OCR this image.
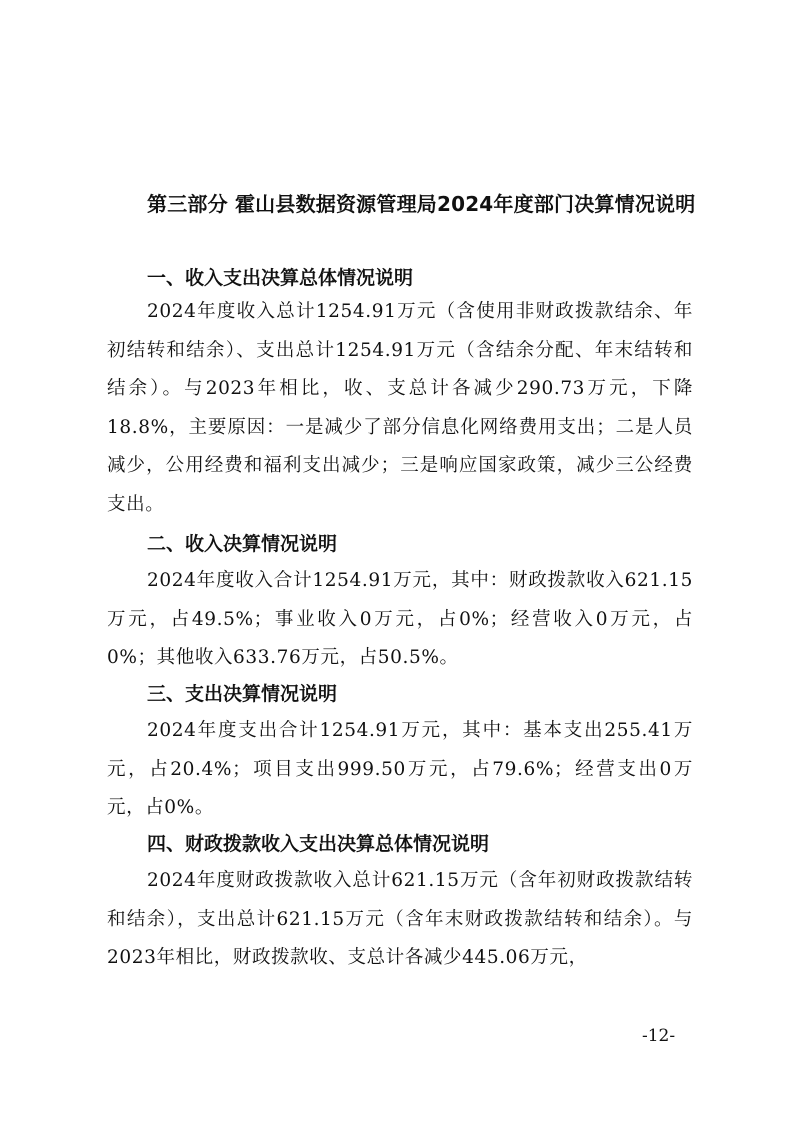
第三部分 霍山县数据资源管理局2024年度部门决算情况说明
一、收入支出决算总体情况说明
2024年度收入总计1254.91万元（含使用非财政拨款结余、年初结转和结余）、支出总计1254.91万元（含结余分配、年末结转和结余）。与2023年相比，收、支总计各减少290.73万元，下降18.8%，主要原因：一是减少了部分信息化网络费用支出；二是人员减少，公用经费和福利支出减少；三是响应国家政策，减少三公经费支出。
二、收入决算情况说明
2024年度收入合计1254.91万元，其中：财政拨款收入621.15万元，占49.5%；事业收入0万元，占0%；经营收入0万元，占0%；其他收入633.76万元，占50.5%。
三、支出决算情况说明
2024年度支出合计1254.91万元，其中：基本支出255.41万元，占20.4%；项目支出999.50万元，占79.6%；经营支出0万元，占0%。
四、财政拨款收入支出决算总体情况说明
2024年度财政拨款收入总计621.15万元（含年初财政拨款结转和结余），支出总计621.15万元（含年末财政拨款结转和结余）。与2023年相比，财政拨款收、支总计各减少445.06万元，
-12-
